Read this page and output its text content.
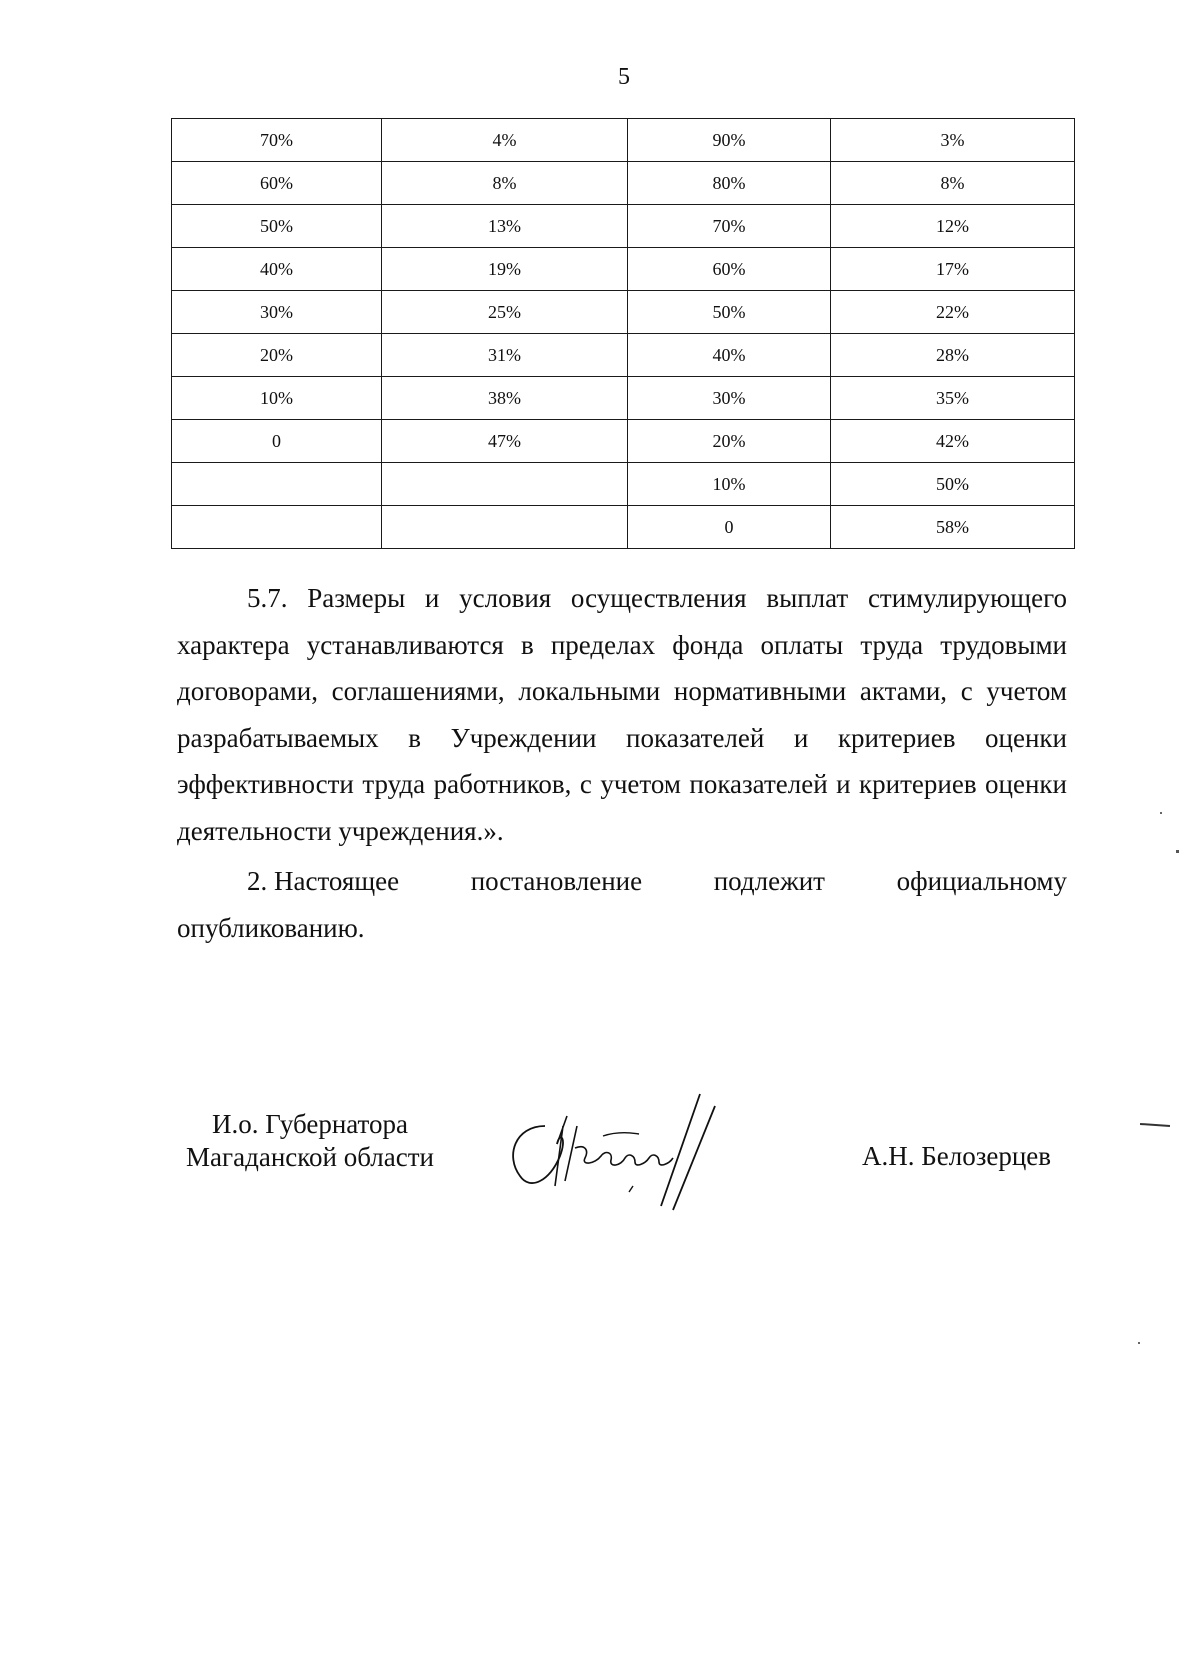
5
70%	4%	90%	3%
60%	8%	80%	8%
50%	13%	70%	12%
40%	19%	60%	17%
30%	25%	50%	22%
20%	31%	40%	28%
10%	38%	30%	35%
0	47%	20%	42%
		10%	50%
		0	58%

5.7. Размеры и условия осуществления выплат стимулирующего характера устанавливаются в пределах фонда оплаты труда трудовыми договорами, соглашениями, локальными нормативными актами, с учетом разрабатываемых в Учреждении показателей и критериев оценки эффективности труда работников, с учетом показателей и критериев оценки деятельности учреждения.».

2. Настоящее	постановление	подлежит	официальному
опубликованию.
И.о. Губернатора
Магаданской области	А.Н. Белозерцев
